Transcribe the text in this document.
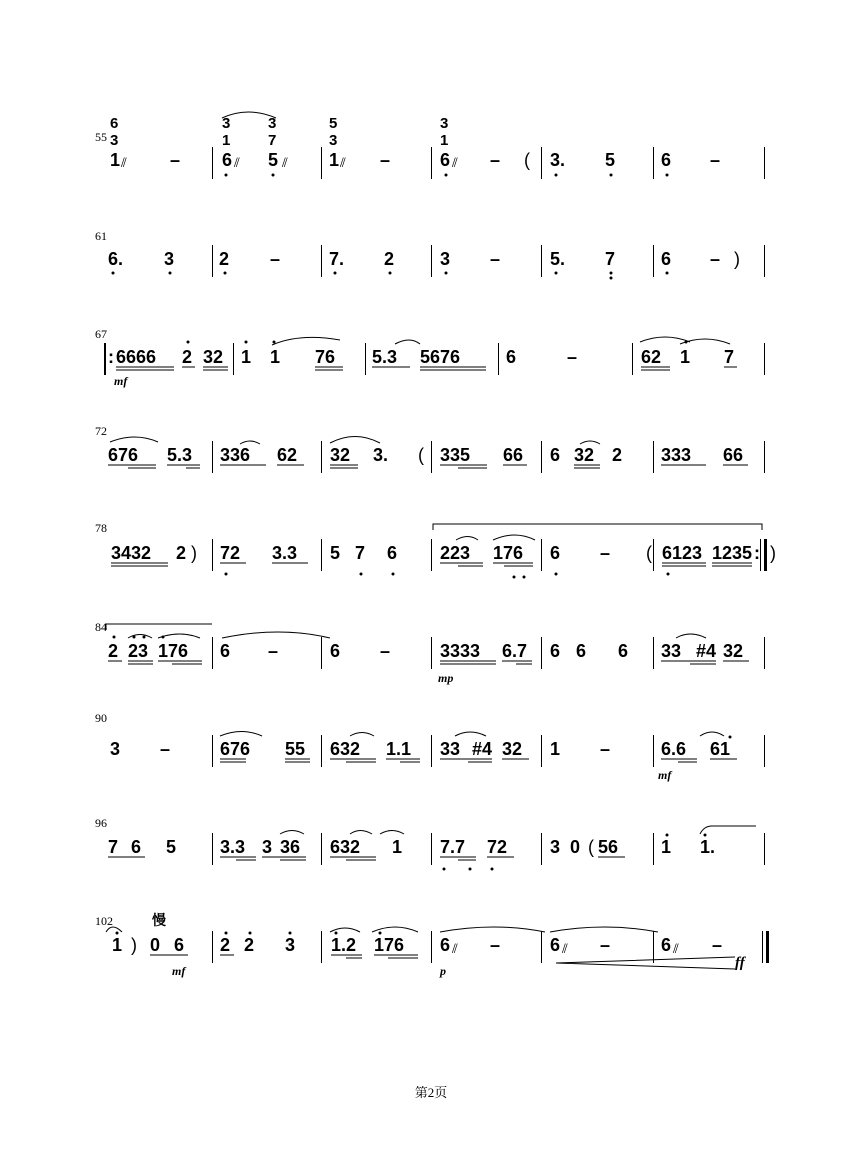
55
61
67
72
78
84
90
96
102
6
3
1 ⫽ –
3
1
6 ⫽
3
7
5 ⫽
5
3
1 ⫽ –
3
1
6 ⫽ – ( 3. 5	6 –
6. 3 2 –	7. 2	3 –	5. 7	6 – )
: 6666 2 32 1 1 76 5.3 5676	6	–	62 1 7
mf
676 5.3 336 62 32 3. ( 335 66 6 32 2 333 66
3432 2 ) 72 3.3 5 7 6 223 176 6 – ( 6123 1235 : )
2 23 176 6 –	6 –	3333 6.7 6 6 6 33 #4 32
mp
3 –	676 55 632 1.1 33 #4 32 1 –	6.6 61
mf
7 6 5 3.3 3 36 632 1 7.7 72 3 0 ( 56 1 1.
1 ) 0 6
慢
2 2 3 1.2 176 6 ⫽ –	6 ⫽ –	6 ⫽ –
mf	p	ff
第2页
